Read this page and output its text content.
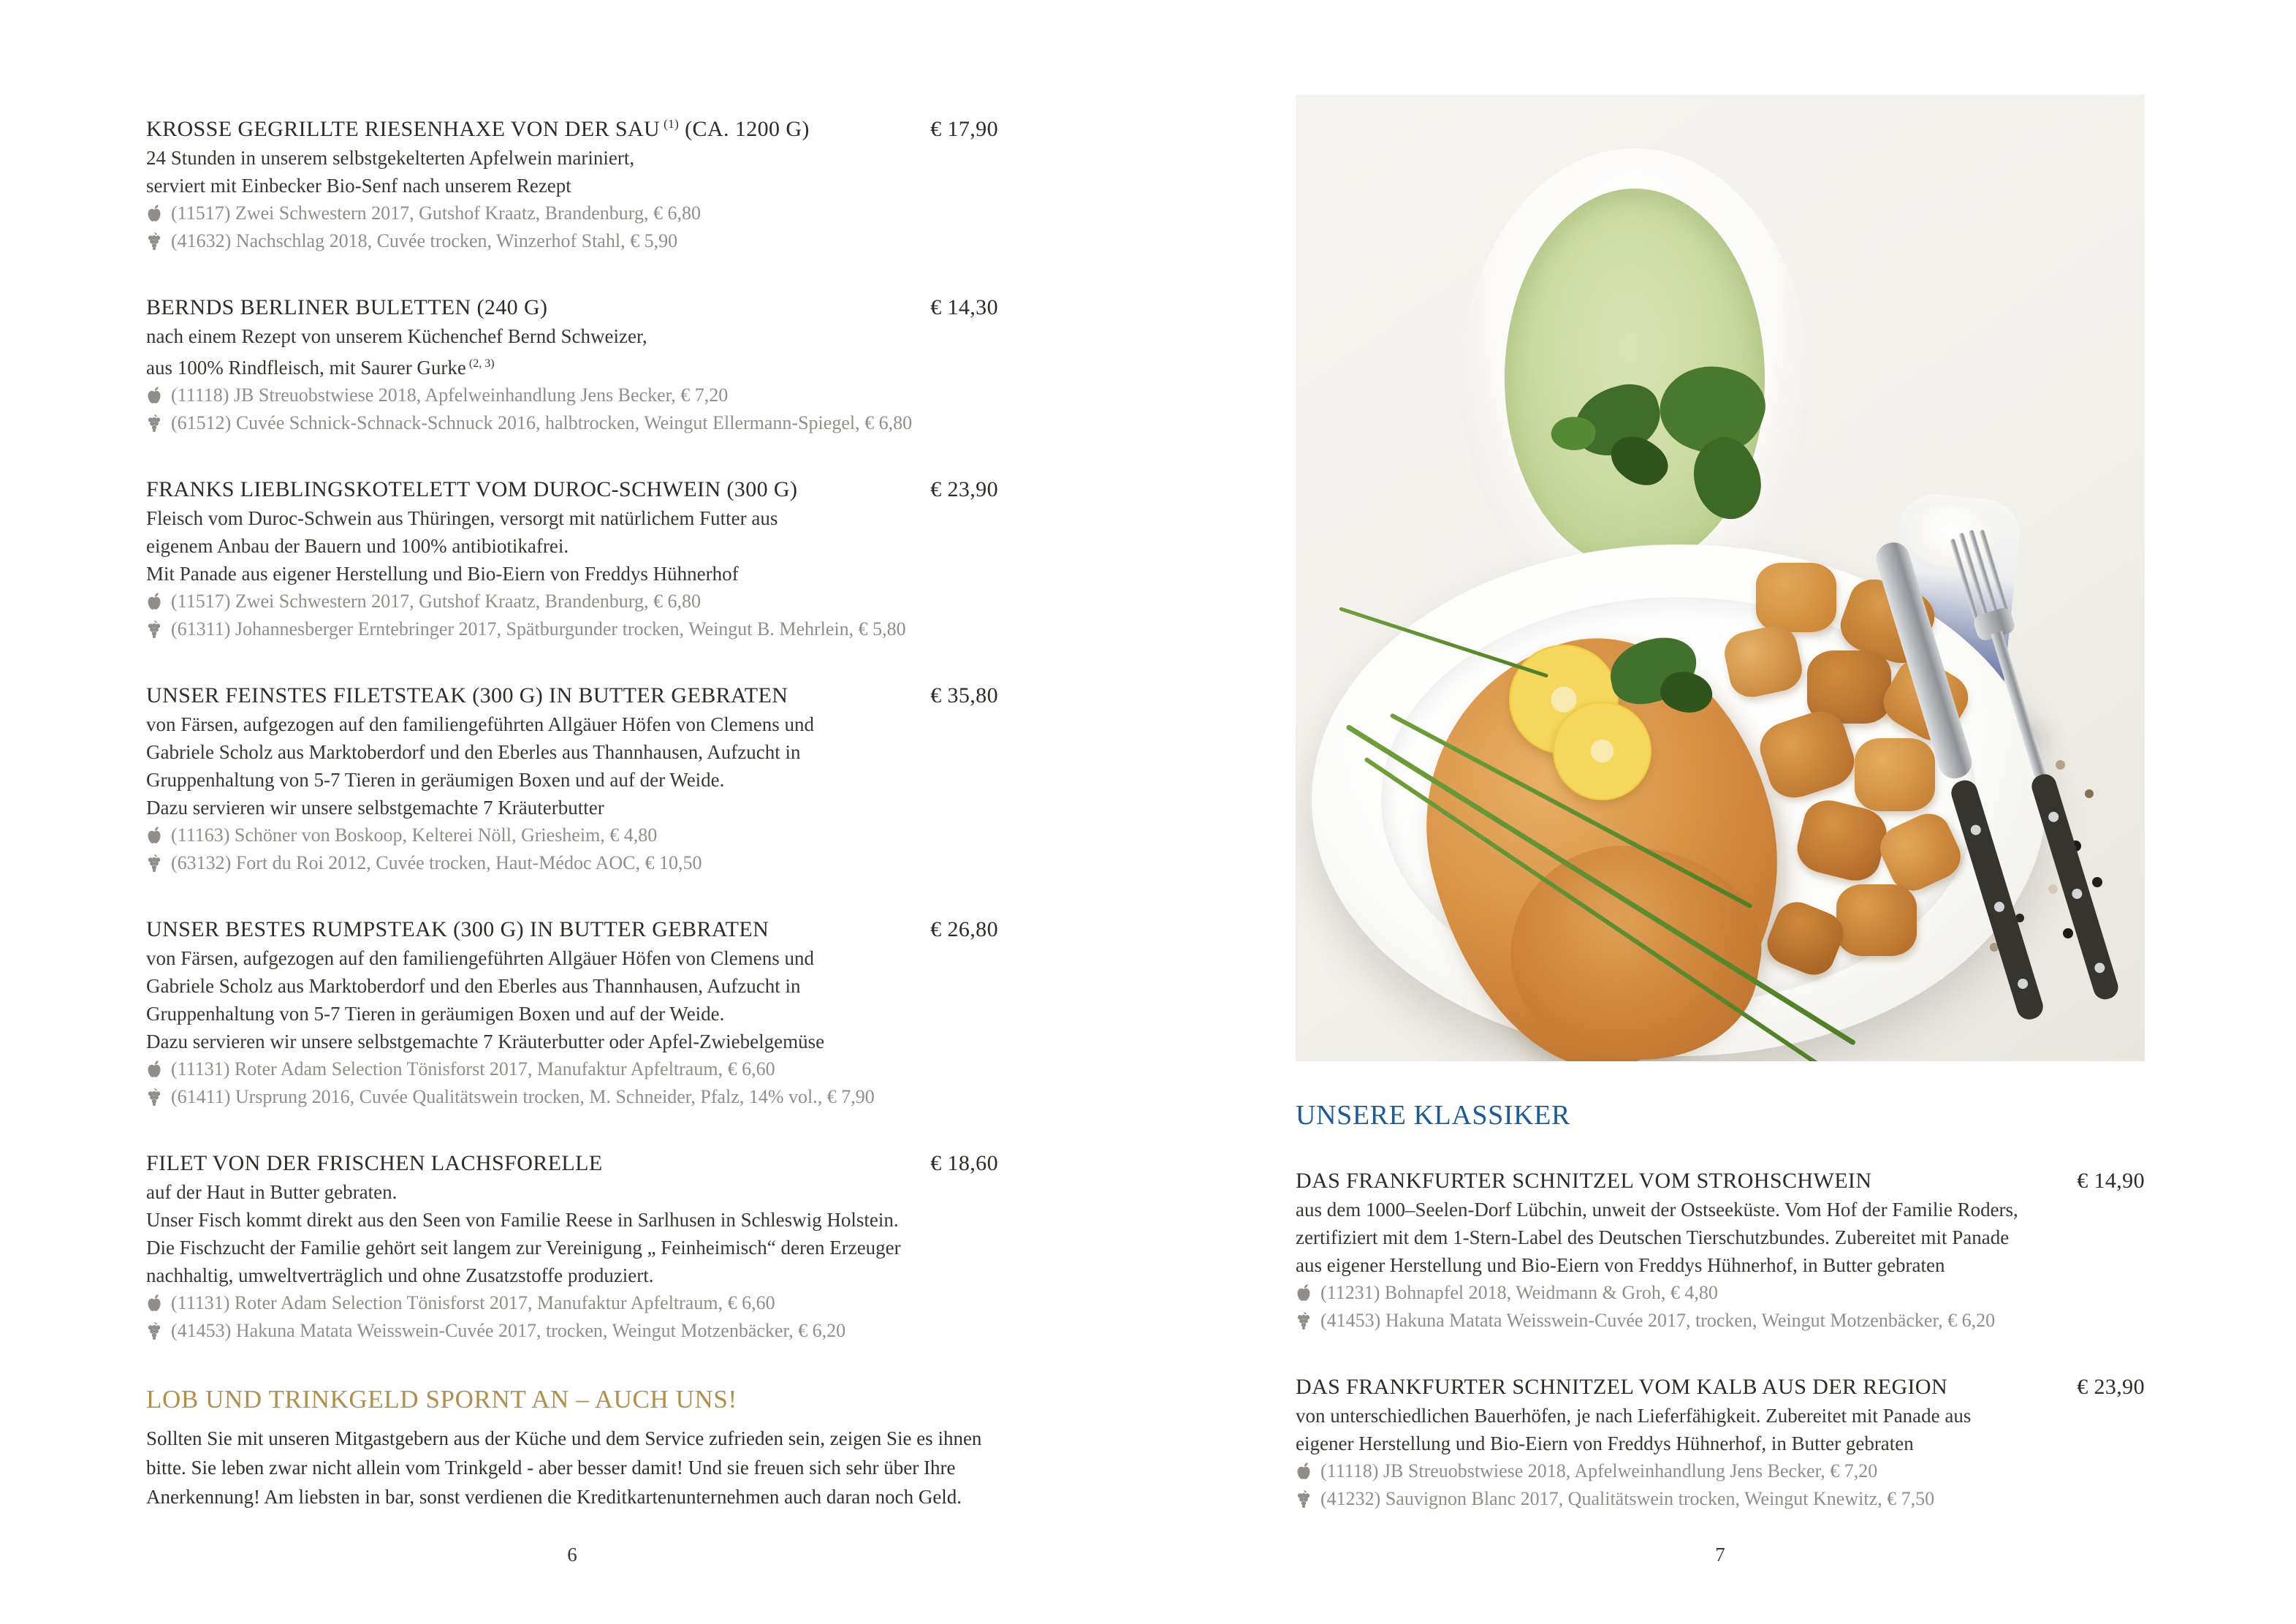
KROSSE GEGRILLTE RIESENHAXE VON DER SAU $^{(1)}$ (CA. 1200 G)	€ 17,90

24 Stunden in unserem selbstgekelterten Apfelwein mariniert,

serviert mit Einbecker Bio-Senf nach unserem Rezept

(11517) Zwei Schwestern 2017, Gutshof Kraatz, Brandenburg, € 6,80
(41632) Nachschlag 2018, Cuvée trocken, Winzerhof Stahl, € 5,90
BERNDS BERLINER BULETTEN (240 G)	€ 14,30

nach einem Rezept von unserem Küchenchef Bernd Schweizer,

aus 100% Rindfleisch, mit Saurer Gurke $^{(2, 3)}$

(11118) JB Streuobstwiese 2018, Apfelweinhandlung Jens Becker, € 7,20
(61512) Cuvée Schnick-Schnack-Schnuck 2016, halbtrocken, Weingut Ellermann-Spiegel, € 6,80
FRANKS LIEBLINGSKOTELETT VOM DUROC-SCHWEIN (300 G)	€ 23,90

Fleisch vom Duroc-Schwein aus Thüringen, versorgt mit natürlichem Futter aus

eigenem Anbau der Bauern und 100% antibiotikafrei.

Mit Panade aus eigener Herstellung und Bio-Eiern von Freddys Hühnerhof

(11517) Zwei Schwestern 2017, Gutshof Kraatz, Brandenburg, € 6,80
(61311) Johannesberger Erntebringer 2017, Spätburgunder trocken, Weingut B. Mehrlein, € 5,80
UNSER FEINSTES FILETSTEAK (300 G) IN BUTTER GEBRATEN	€ 35,80

von Färsen, aufgezogen auf den familiengeführten Allgäuer Höfen von Clemens und

Gabriele Scholz aus Marktoberdorf und den Eberles aus Thannhausen, Aufzucht in

Gruppenhaltung von 5-7 Tieren in geräumigen Boxen und auf der Weide.

Dazu servieren wir unsere selbstgemachte 7 Kräuterbutter

(11163) Schöner von Boskoop, Kelterei Nöll, Griesheim, € 4,80
(63132) Fort du Roi 2012, Cuvée trocken, Haut-Médoc AOC, € 10,50
UNSER BESTES RUMPSTEAK (300 G) IN BUTTER GEBRATEN	€ 26,80

von Färsen, aufgezogen auf den familiengeführten Allgäuer Höfen von Clemens und

Gabriele Scholz aus Marktoberdorf und den Eberles aus Thannhausen, Aufzucht in

Gruppenhaltung von 5-7 Tieren in geräumigen Boxen und auf der Weide.

Dazu servieren wir unsere selbstgemachte 7 Kräuterbutter oder Apfel-Zwiebelgemüse

(11131) Roter Adam Selection Tönisforst 2017, Manufaktur Apfeltraum, € 6,60
(61411) Ursprung 2016, Cuvée Qualitätswein trocken, M. Schneider, Pfalz, 14% vol., € 7,90
FILET VON DER FRISCHEN LACHSFORELLE	€ 18,60

auf der Haut in Butter gebraten.

Unser Fisch kommt direkt aus den Seen von Familie Reese in Sarlhusen in Schleswig Holstein.

Die Fischzucht der Familie gehört seit langem zur Vereinigung „ Feinheimisch“ deren Erzeuger

nachhaltig, umweltverträglich und ohne Zusatzstoffe produziert.

(11131) Roter Adam Selection Tönisforst 2017, Manufaktur Apfeltraum, € 6,60
(41453) Hakuna Matata Weisswein-Cuvée 2017, trocken, Weingut Motzenbäcker, € 6,20
LOB UND TRINKGELD SPORNT AN – AUCH UNS!

Sollten Sie mit unseren Mitgastgebern aus der Küche und dem Service zufrieden sein, zeigen Sie es ihnen

bitte. Sie leben zwar nicht allein vom Trinkgeld - aber besser damit! Und sie freuen sich sehr über Ihre

Anerkennung! Am liebsten in bar, sonst verdienen die Kreditkartenunternehmen auch daran noch Geld.

UNSERE KLASSIKER
DAS FRANKFURTER SCHNITZEL VOM STROHSCHWEIN	€ 14,90

aus dem 1000–Seelen-Dorf Lübchin, unweit der Ostseeküste. Vom Hof der Familie Roders,

zertifiziert mit dem 1-Stern-Label des Deutschen Tierschutzbundes. Zubereitet mit Panade

aus eigener Herstellung und Bio-Eiern von Freddys Hühnerhof, in Butter gebraten

(11231) Bohnapfel 2018, Weidmann & Groh, € 4,80
(41453) Hakuna Matata Weisswein-Cuvée 2017, trocken, Weingut Motzenbäcker, € 6,20
DAS FRANKFURTER SCHNITZEL VOM KALB AUS DER REGION	€ 23,90

von unterschiedlichen Bauerhöfen, je nach Lieferfähigkeit. Zubereitet mit Panade aus

eigener Herstellung und Bio-Eiern von Freddys Hühnerhof, in Butter gebraten

(11118) JB Streuobstwiese 2018, Apfelweinhandlung Jens Becker, € 7,20
(41232) Sauvignon Blanc 2017, Qualitätswein trocken, Weingut Knewitz, € 7,50
6	7
